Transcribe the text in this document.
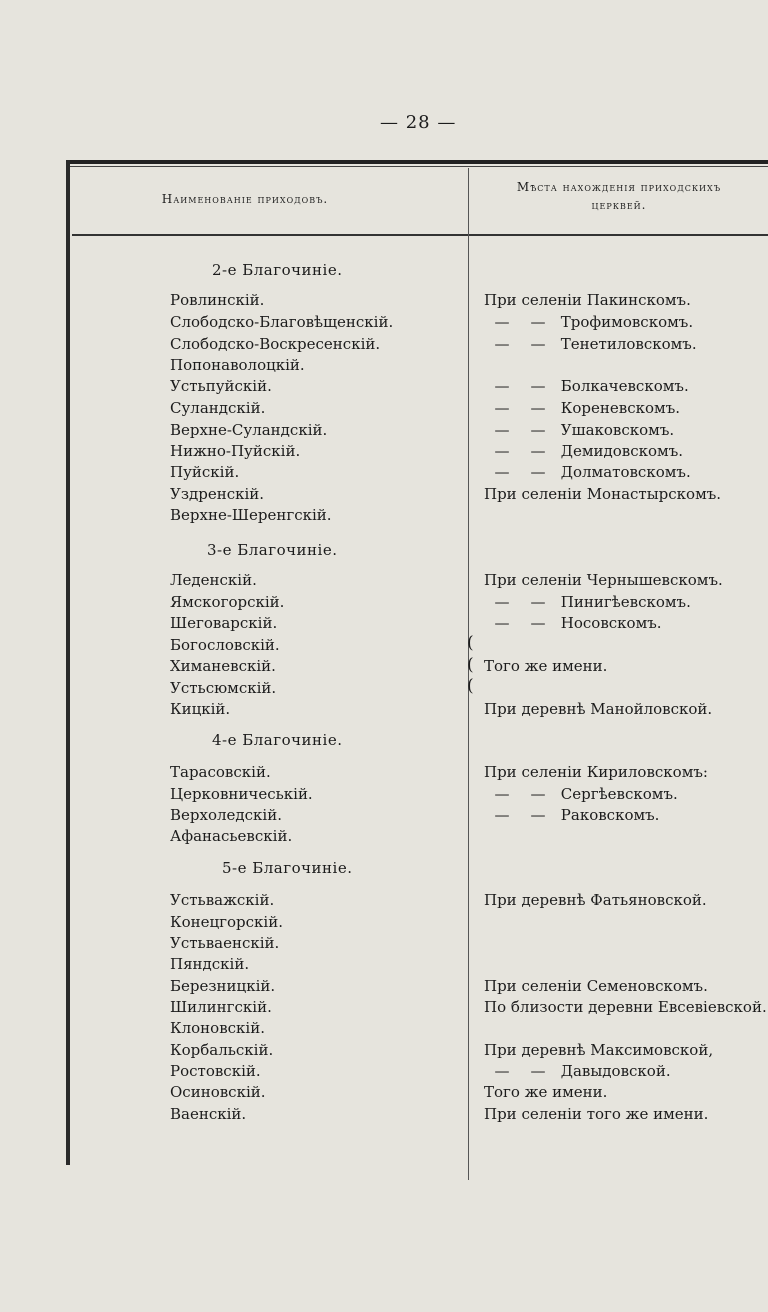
— 28 —
Наименованіе приходовъ.
Мѣста нахожденія приходскихъ
церквей.
2-е Благочиніе.
Ровлинскій.
Слободско-Благовѣщенскій.
Слободско-Воскресенскій.
Попонаволоцкій.
Устьпуйскій.
Суландскій.
Верхне-Суландскій.
Нижно-Пуйскій.
Пуйскій.
Уздренскій.
Верхне-Шеренгскій.
При селеніи Пакинскомъ.
— — Трофимовскомъ.
— — Тенетиловскомъ.
— — Болкачевскомъ.
— — Кореневскомъ.
— — Ушаковскомъ.
— — Демидовскомъ.
— — Долматовскомъ.
При селеніи Монастырскомъ.
3-е Благочиніе.
Леденскій.
Ямскогорскій.
Шеговарскій.
Богословскій.
Химаневскій.
Устьсюмскій.
Кицкій.
При селеніи Чернышевскомъ.
— — Пинигѣевскомъ.
— — Носовскомъ.
(
(
(
Того же имени.
При деревнѣ Манойловской.
4-е Благочиніе.
Тарасовскій.
Церковничеській.
Верхоледскій.
Афанасьевскій.
При селеніи Кириловскомъ:
— — Сергѣевскомъ.
— — Раковскомъ.
5-е Благочиніе.
Устьважскій.
Конецгорскій.
Устьваенскій.
Пяндскій.
Березницкій.
Шилингскій.
Клоновскій.
Корбальскій.
Ростовскій.
Осиновскій.
Ваенскій.
При деревнѣ Фатьяновской.
При селеніи Семеновскомъ.
По близости деревни Евсевіевской.
При деревнѣ Максимовской,
— — Давыдовской.
Того же имени.
При селеніи того же имени.
